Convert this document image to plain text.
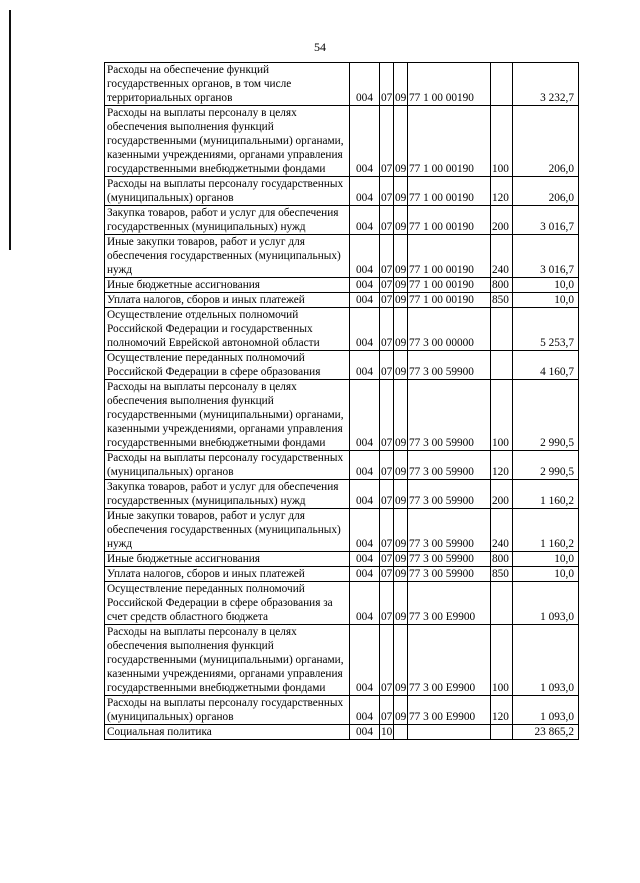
54
Расходы на обеспечение функций государственных органов, в том числе территориальных органов	004	07	09	77 1 00 00190		3 232,7
Расходы на выплаты персоналу в целях обеспечения выполнения функций государственными (муниципальными) органами, казенными учреждениями, органами управления государственными внебюджетными фондами	004	07	09	77 1 00 00190	100	206,0
Расходы на выплаты персоналу государственных (муниципальных) органов	004	07	09	77 1 00 00190	120	206,0
Закупка товаров, работ и услуг для обеспечения государственных (муниципальных) нужд	004	07	09	77 1 00 00190	200	3 016,7
Иные закупки товаров, работ и услуг для обеспечения государственных (муниципальных) нужд	004	07	09	77 1 00 00190	240	3 016,7
Иные бюджетные ассигнования	004	07	09	77 1 00 00190	800	10,0
Уплата налогов, сборов и иных платежей	004	07	09	77 1 00 00190	850	10,0
Осуществление отдельных полномочий Российской Федерации и государственных полномочий Еврейской автономной области	004	07	09	77 3 00 00000		5 253,7
Осуществление переданных полномочий Российской Федерации в сфере образования	004	07	09	77 3 00 59900		4 160,7
Расходы на выплаты персоналу в целях обеспечения выполнения функций государственными (муниципальными) органами, казенными учреждениями, органами управления государственными внебюджетными фондами	004	07	09	77 3 00 59900	100	2 990,5
Расходы на выплаты персоналу государственных (муниципальных) органов	004	07	09	77 3 00 59900	120	2 990,5
Закупка товаров, работ и услуг для обеспечения государственных (муниципальных) нужд	004	07	09	77 3 00 59900	200	1 160,2
Иные закупки товаров, работ и услуг для обеспечения государственных (муниципальных) нужд	004	07	09	77 3 00 59900	240	1 160,2
Иные бюджетные ассигнования	004	07	09	77 3 00 59900	800	10,0
Уплата налогов, сборов и иных платежей	004	07	09	77 3 00 59900	850	10,0
Осуществление переданных полномочий Российской Федерации в сфере образования за счет средств областного бюджета	004	07	09	77 3 00 Е9900		1 093,0
Расходы на выплаты персоналу в целях обеспечения выполнения функций государственными (муниципальными) органами, казенными учреждениями, органами управления государственными внебюджетными фондами	004	07	09	77 3 00 Е9900	100	1 093,0
Расходы на выплаты персоналу государственных (муниципальных) органов	004	07	09	77 3 00 Е9900	120	1 093,0
Социальная политика	004	10				23 865,2
